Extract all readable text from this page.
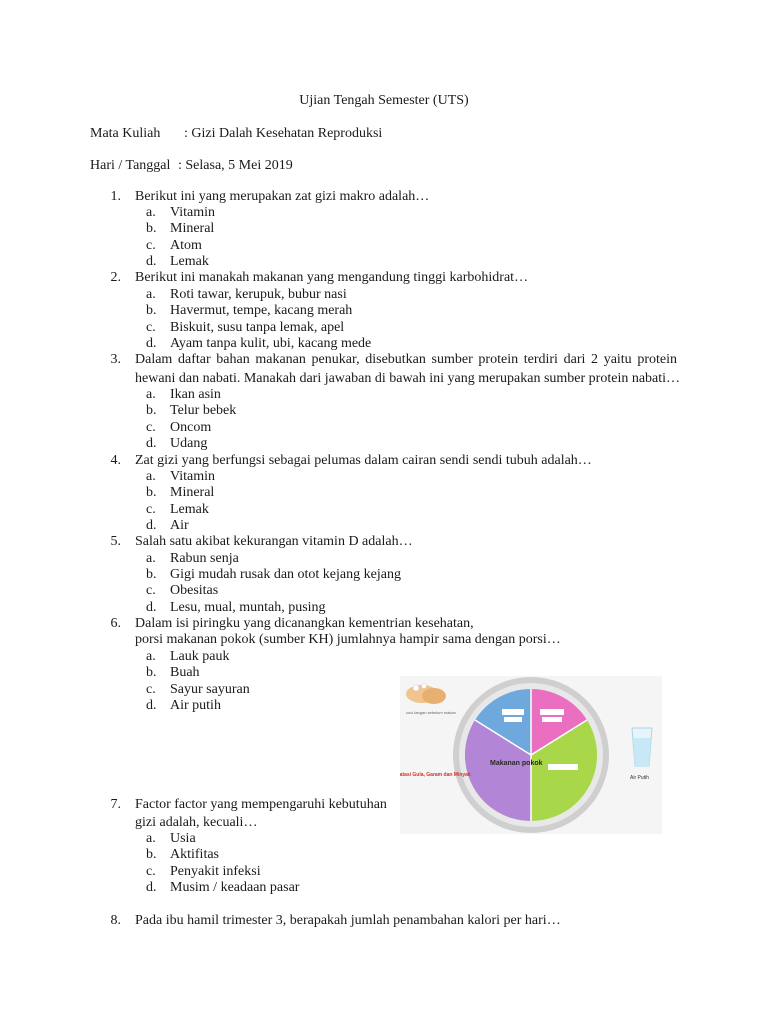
Ujian Tengah Semester (UTS)
Mata Kuliah : Gizi Dalah Kesehatan Reproduksi
Hari / Tanggal : Selasa, 5 Mei 2019
1. Berikut ini yang merupakan zat gizi makro adalah…
a.	Vitamin
b. Mineral
c.	Atom
d. Lemak
2. Berikut ini manakah makanan yang mengandung tinggi karbohidrat…
a.	Roti tawar, kerupuk, bubur nasi
b. Havermut, tempe, kacang merah
c.	Biskuit, susu tanpa lemak, apel
d. Ayam tanpa kulit, ubi, kacang mede
3. Dalam daftar bahan makanan penukar, disebutkan sumber protein terdiri dari 2 yaitu protein
hewani dan nabati. Manakah dari jawaban di bawah ini yang merupakan sumber protein nabati…
a.	Ikan asin
b. Telur bebek
c.	Oncom
d. Udang
4. Zat gizi yang berfungsi sebagai pelumas dalam cairan sendi sendi tubuh adalah…
a.	Vitamin
b. Mineral
c.	Lemak
d. Air
5. Salah satu akibat kekurangan vitamin D adalah…
a.	Rabun senja
b. Gigi mudah rusak dan otot kejang kejang
c.	Obesitas
d. Lesu, mual, muntah, pusing
6. Dalam isi piringku yang dicanangkan kementrian kesehatan,
porsi makanan pokok (sumber KH) jumlahnya hampir sama dengan porsi…
a.	Lauk pauk
b. Buah
c.	Sayur sayuran
d. Air putih	cuci tangan sebelum makan
Makanan pokok
Batasi Gula, Garam dan Minyak	Air Putih
7. Factor factor yang mempengaruhi kebutuhan
gizi adalah, kecuali…
a.	Usia
b. Aktifitas
c.	Penyakit infeksi
d. Musim / keadaan pasar
8. Pada ibu hamil trimester 3, berapakah jumlah penambahan kalori per hari…
